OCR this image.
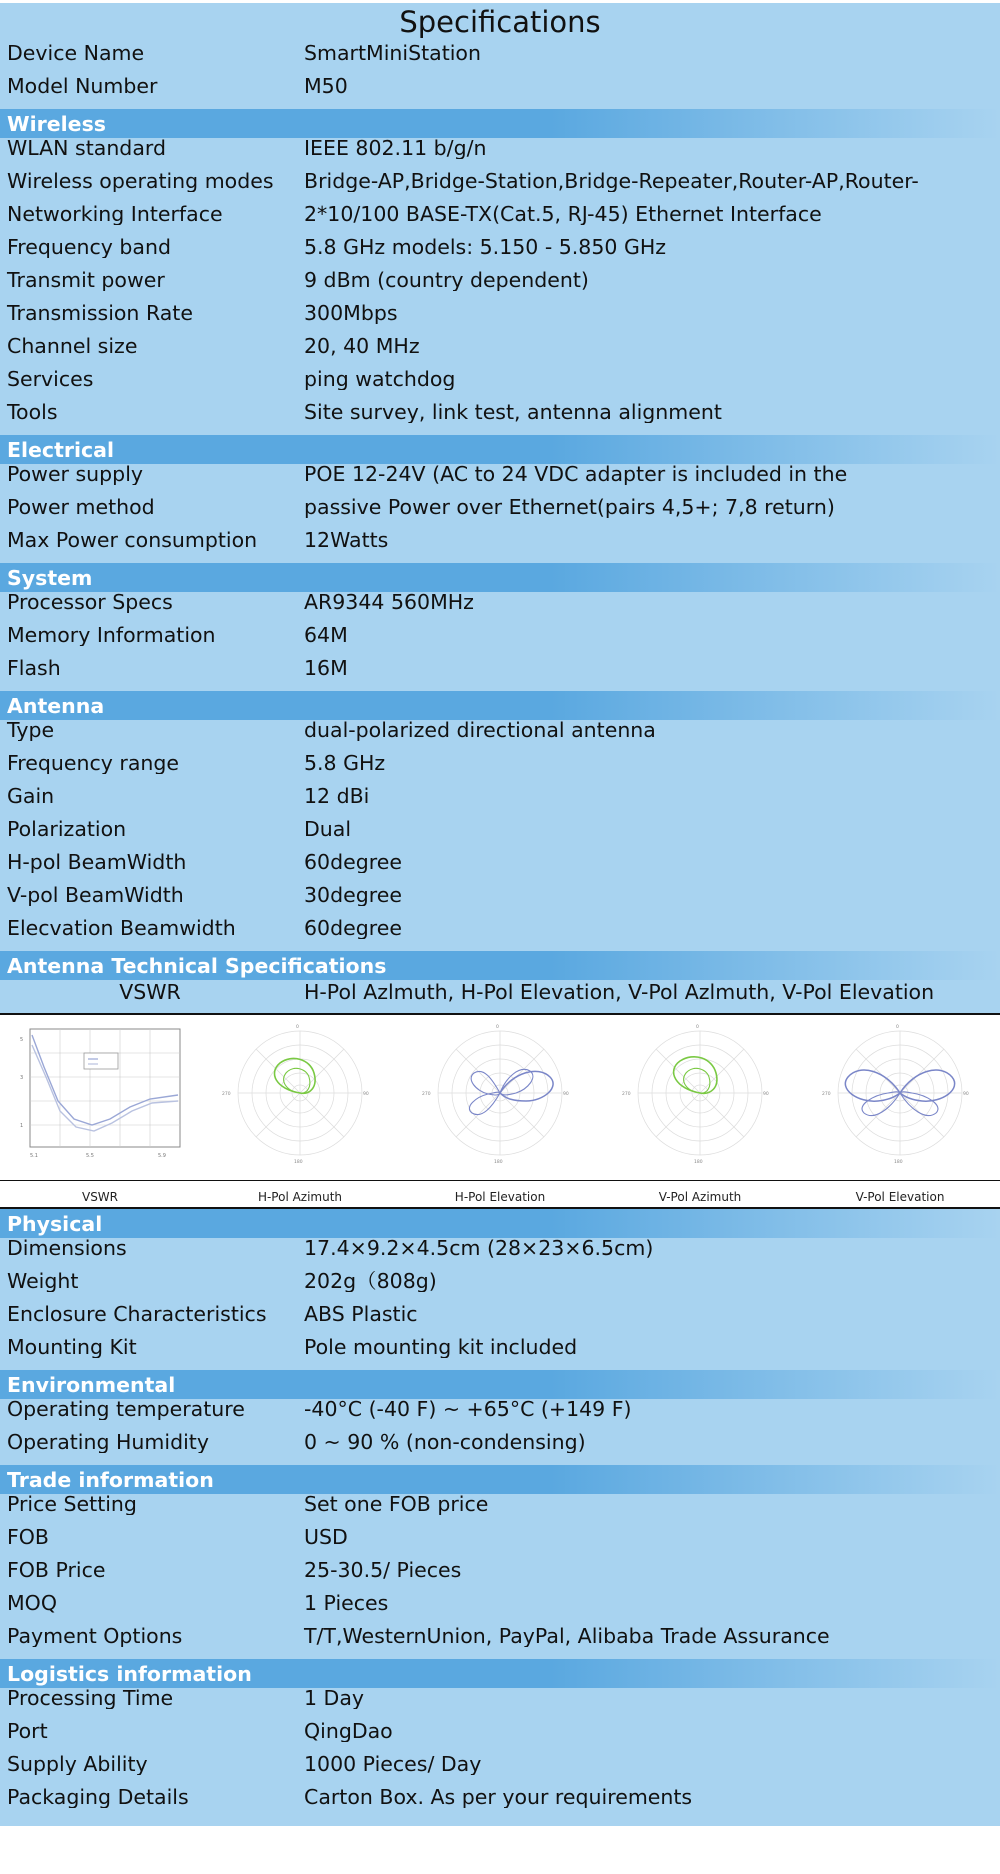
Specifications
Device Name	SmartMiniStation
Model Number	M50
Wireless
WLAN standard	IEEE 802.11 b/g/n
Wireless operating modes	Bridge-AP,Bridge-Station,Bridge-Repeater,Router-AP,Router-
Networking Interface	2*10/100 BASE-TX(Cat.5, RJ-45) Ethernet Interface
Frequency band	5.8 GHz models: 5.150 - 5.850 GHz
Transmit power	9 dBm (country dependent)
Transmission Rate	300Mbps
Channel size	20, 40 MHz
Services	ping watchdog
Tools	Site survey, link test, antenna alignment
Electrical
Power supply	POE 12-24V (AC to 24 VDC adapter is included in the
Power method	passive Power over Ethernet(pairs 4,5+; 7,8 return)
Max Power consumption	12Watts
System
Processor Specs	AR9344 560MHz
Memory Information	64M
Flash	16M
Antenna
Type	dual-polarized directional antenna
Frequency range	5.8 GHz
Gain	12 dBi
Polarization	Dual
H-pol BeamWidth	60degree
V-pol BeamWidth	30degree
Elecvation Beamwidth	60degree
Antenna Technical Specifications
VSWR	H-Pol Azlmuth, H-Pol Elevation, V-Pol Azlmuth, V-Pol Elevation
5
3
1
5.1	5.5	5.9
VSWR
0
90
180
270
H-Pol Azimuth
0
90
180
270
H-Pol Elevation
0
90
180
270
V-Pol Azimuth
0
90
180
270
V-Pol Elevation
Physical
Dimensions	17.4×9.2×4.5cm (28×23×6.5cm)
Weight	202g（808g)
Enclosure Characteristics	ABS Plastic
Mounting Kit	Pole mounting kit included
Environmental
Operating temperature	-40°C (-40 F) ~ +65°C (+149 F)
Operating Humidity	0 ~ 90 % (non-condensing)
Trade information
Price Setting	Set one FOB price
FOB	USD
FOB Price	25-30.5/ Pieces
MOQ	1 Pieces
Payment Options	T/T,WesternUnion, PayPal, Alibaba Trade Assurance
Logistics information
Processing Time	1 Day
Port	QingDao
Supply Ability	1000 Pieces/ Day
Packaging Details	Carton Box. As per your requirements
